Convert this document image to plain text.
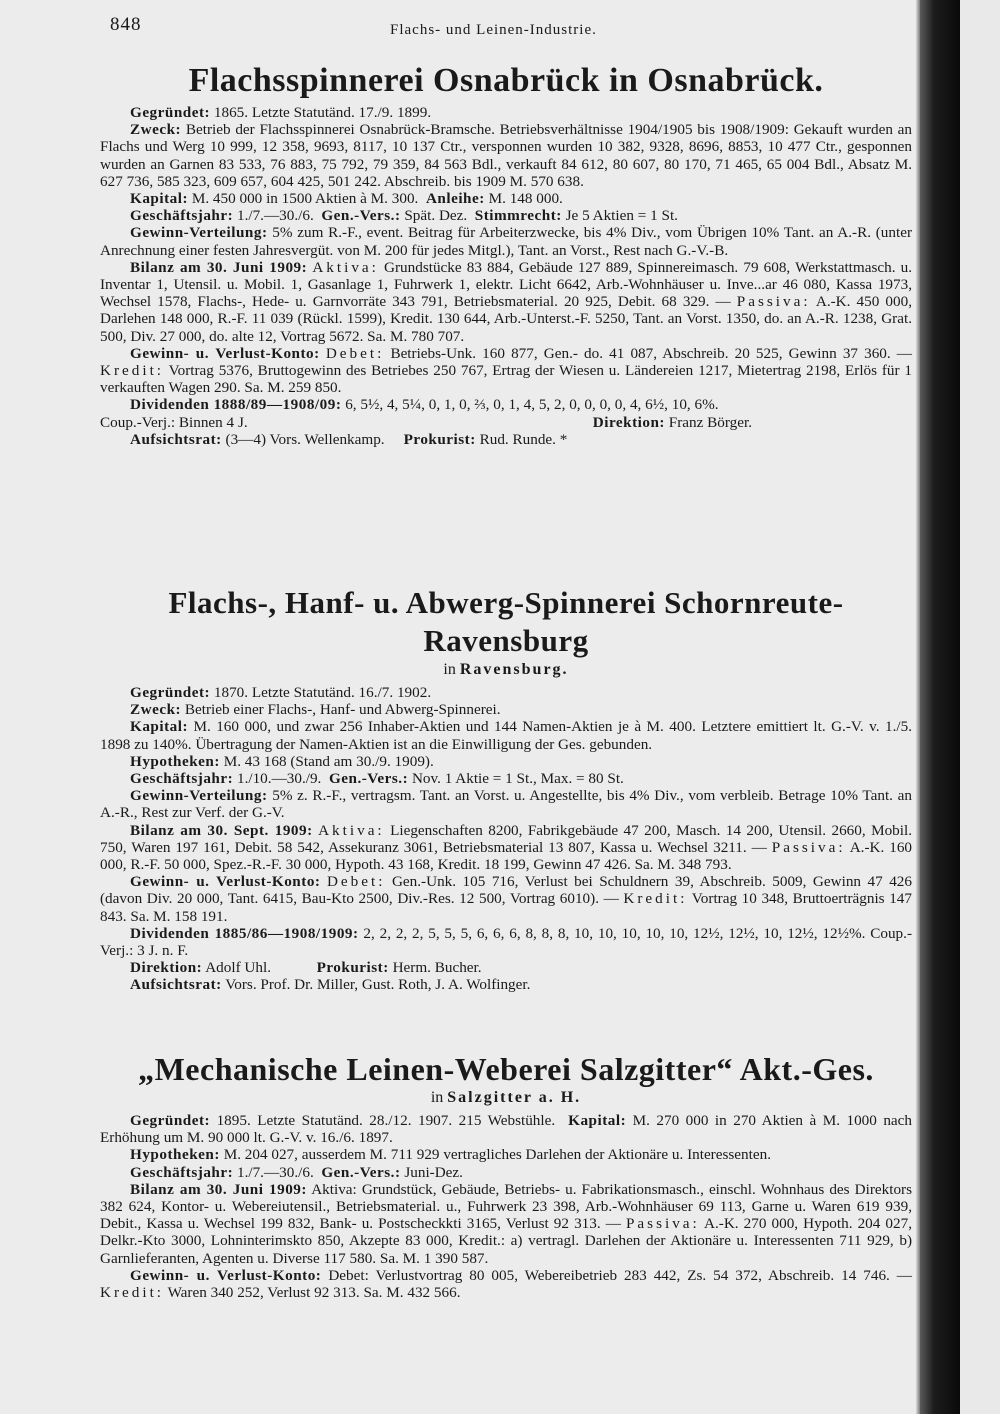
848	Flachs- und Leinen-Industrie.
Flachsspinnerei Osnabrück in Osnabrück.

Gegründet: 1865. Letzte Statutänd. 17./9. 1899.

Zweck: Betrieb der Flachsspinnerei Osnabrück-Bramsche. Betriebsverhältnisse 1904/1905 bis 1908/1909: Gekauft wurden an Flachs und Werg 10 999, 12 358, 9693, 8117, 10 137 Ctr., versponnen wurden 10 382, 9328, 8696, 8853, 10 477 Ctr., gesponnen wurden an Garnen 83 533, 76 883, 75 792, 79 359, 84 563 Bdl., verkauft 84 612, 80 607, 80 170, 71 465, 65 004 Bdl., Absatz M. 627 736, 585 323, 609 657, 604 425, 501 242. Abschreib. bis 1909 M. 570 638.

Kapital: M. 450 000 in 1500 Aktien à M. 300. Anleihe: M. 148 000.

Geschäftsjahr: 1./7.—30./6. Gen.-Vers.: Spät. Dez. Stimmrecht: Je 5 Aktien = 1 St.

Gewinn-Verteilung: 5% zum R.-F., event. Beitrag für Arbeiterzwecke, bis 4% Div., vom Übrigen 10% Tant. an A.-R. (unter Anrechnung einer festen Jahresvergüt. von M. 200 für jedes Mitgl.), Tant. an Vorst., Rest nach G.-V.-B.

Bilanz am 30. Juni 1909: Aktiva: Grundstücke 83 884, Gebäude 127 889, Spinnereimasch. 79 608, Werkstattmasch. u. Inventar 1, Utensil. u. Mobil. 1, Gasanlage 1, Fuhrwerk 1, elektr. Licht 6642, Arb.-Wohnhäuser u. Inve...ar 46 080, Kassa 1973, Wechsel 1578, Flachs-, Hede- u. Garnvorräte 343 791, Betriebsmaterial. 20 925, Debit. 68 329. — Passiva: A.-K. 450 000, Darlehen 148 000, R.-F. 11 039 (Rückl. 1599), Kredit. 130 644, Arb.-Unterst.-F. 5250, Tant. an Vorst. 1350, do. an A.-R. 1238, Grat. 500, Div. 27 000, do. alte 12, Vortrag 5672. Sa. M. 780 707.

Gewinn- u. Verlust-Konto: Debet: Betriebs-Unk. 160 877, Gen.- do. 41 087, Abschreib. 20 525, Gewinn 37 360. — Kredit: Vortrag 5376, Bruttogewinn des Betriebes 250 767, Ertrag der Wiesen u. Ländereien 1217, Mietertrag 2198, Erlös für 1 verkauften Wagen 290. Sa. M. 259 850.

Dividenden 1888/89—1908/09: 6, 5½, 4, 5¼, 0, 1, 0, ⅔, 0, 1, 4, 5, 2, 0, 0, 0, 0, 4, 6½, 10, 6%.

Coup.-Verj.: Binnen 4 J.	Direktion: Franz Börger.

Aufsichtsrat: (3—4) Vors. Wellenkamp. Prokurist: Rud. Runde. *

Flachs-, Hanf- u. Abwerg-Spinnerei Schornreute-Ravensburg

in Ravensburg.

Gegründet: 1870. Letzte Statutänd. 16./7. 1902.

Zweck: Betrieb einer Flachs-, Hanf- und Abwerg-Spinnerei.

Kapital: M. 160 000, und zwar 256 Inhaber-Aktien und 144 Namen-Aktien je à M. 400. Letztere emittiert lt. G.-V. v. 1./5. 1898 zu 140%. Übertragung der Namen-Aktien ist an die Einwilligung der Ges. gebunden.

Hypotheken: M. 43 168 (Stand am 30./9. 1909).

Geschäftsjahr: 1./10.—30./9. Gen.-Vers.: Nov. 1 Aktie = 1 St., Max. = 80 St.

Gewinn-Verteilung: 5% z. R.-F., vertragsm. Tant. an Vorst. u. Angestellte, bis 4% Div., vom verbleib. Betrage 10% Tant. an A.-R., Rest zur Verf. der G.-V.

Bilanz am 30. Sept. 1909: Aktiva: Liegenschaften 8200, Fabrikgebäude 47 200, Masch. 14 200, Utensil. 2660, Mobil. 750, Waren 197 161, Debit. 58 542, Assekuranz 3061, Betriebsmaterial 13 807, Kassa u. Wechsel 3211. — Passiva: A.-K. 160 000, R.-F. 50 000, Spez.-R.-F. 30 000, Hypoth. 43 168, Kredit. 18 199, Gewinn 47 426. Sa. M. 348 793.

Gewinn- u. Verlust-Konto: Debet: Gen.-Unk. 105 716, Verlust bei Schuldnern 39, Abschreib. 5009, Gewinn 47 426 (davon Div. 20 000, Tant. 6415, Bau-Kto 2500, Div.-Res. 12 500, Vortrag 6010). — Kredit: Vortrag 10 348, Bruttoerträgnis 147 843. Sa. M. 158 191.

Dividenden 1885/86—1908/1909: 2, 2, 2, 2, 5, 5, 5, 6, 6, 6, 8, 8, 8, 10, 10, 10, 10, 10, 12½, 12½, 10, 12½, 12½%. Coup.-Verj.: 3 J. n. F.

Direktion: Adolf Uhl.	Prokurist: Herm. Bucher.

Aufsichtsrat: Vors. Prof. Dr. Miller, Gust. Roth, J. A. Wolfinger.

„Mechanische Leinen-Weberei Salzgitter“ Akt.-Ges.

in Salzgitter a. H.

Gegründet: 1895. Letzte Statutänd. 28./12. 1907. 215 Webstühle. Kapital: M. 270 000 in 270 Aktien à M. 1000 nach Erhöhung um M. 90 000 lt. G.-V. v. 16./6. 1897.

Hypotheken: M. 204 027, ausserdem M. 711 929 vertragliches Darlehen der Aktionäre u. Interessenten.

Geschäftsjahr: 1./7.—30./6. Gen.-Vers.: Juni-Dez.

Bilanz am 30. Juni 1909: Aktiva: Grundstück, Gebäude, Betriebs- u. Fabrikationsmasch., einschl. Wohnhaus des Direktors 382 624, Kontor- u. Webereiutensil., Betriebsmaterial. u., Fuhrwerk 23 398, Arb.-Wohnhäuser 69 113, Garne u. Waren 619 939, Debit., Kassa u. Wechsel 199 832, Bank- u. Postscheckkti 3165, Verlust 92 313. — Passiva: A.-K. 270 000, Hypoth. 204 027, Delkr.-Kto 3000, Lohninterimskto 850, Akzepte 83 000, Kredit.: a) vertragl. Darlehen der Aktionäre u. Interessenten 711 929, b) Garnlieferanten, Agenten u. Diverse 117 580. Sa. M. 1 390 587.

Gewinn- u. Verlust-Konto: Debet: Verlustvortrag 80 005, Webereibetrieb 283 442, Zs. 54 372, Abschreib. 14 746. — Kredit: Waren 340 252, Verlust 92 313. Sa. M. 432 566.
